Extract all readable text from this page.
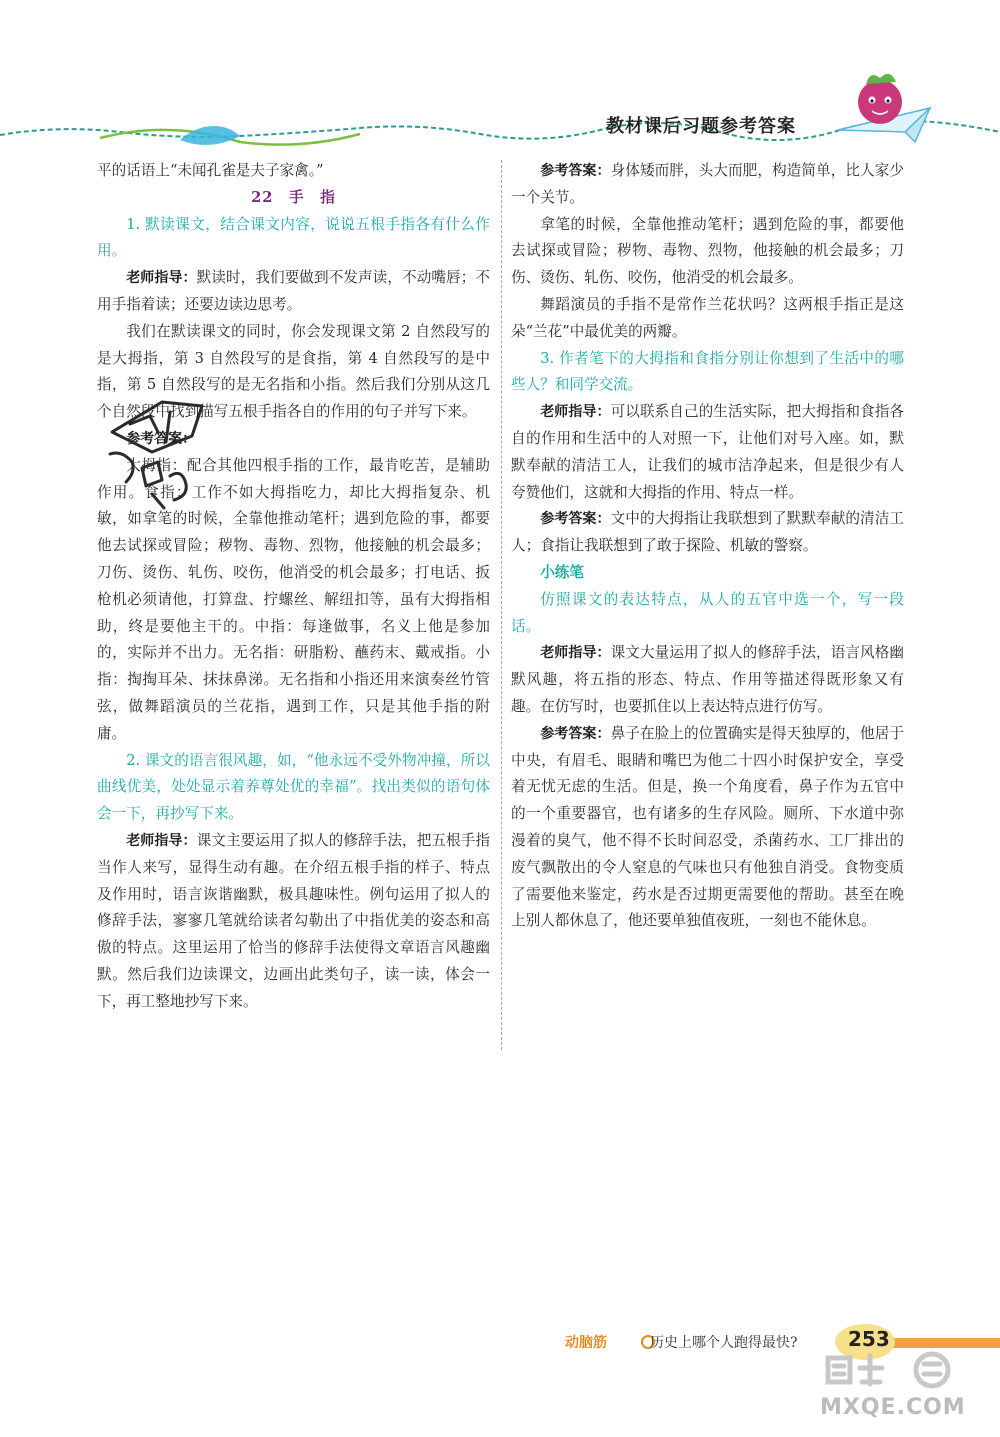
教材课后习题参考答案

平的话语上“未闻孔雀是夫子家禽。”

22　手　指

1. 默读课文，结合课文内容，说说五根手指各有什么作用。

老师指导：默读时，我们要做到不发声读，不动嘴唇；不用手指着读；还要边读边思考。

我们在默读课文的同时，你会发现课文第 2 自然段写的是大拇指，第 3 自然段写的是食指，第 4 自然段写的是中指，第 5 自然段写的是无名指和小指。然后我们分别从这几个自然段中找到描写五根手指各自的作用的句子并写下来。

参考答案：

大拇指：配合其他四根手指的工作，最肯吃苦，是辅助作用。食指：工作不如大拇指吃力，却比大拇指复杂、机敏，如拿笔的时候，全靠他推动笔杆；遇到危险的事，都要他去试探或冒险；秽物、毒物、烈物，他接触的机会最多；刀伤、烫伤、轧伤、咬伤，他消受的机会最多；打电话、扳枪机必须请他，打算盘、拧螺丝、解纽扣等，虽有大拇指相助，终是要他主干的。中指：每逢做事，名义上他是参加的，实际并不出力。无名指：研脂粉、蘸药末、戴戒指。小指：掏掏耳朵、抹抹鼻涕。无名指和小指还用来演奏丝竹管弦，做舞蹈演员的兰花指，遇到工作，只是其他手指的附庸。

2. 课文的语言很风趣，如，“他永远不受外物冲撞，所以曲线优美，处处显示着养尊处优的幸福”。找出类似的语句体会一下，再抄写下来。

老师指导：课文主要运用了拟人的修辞手法，把五根手指当作人来写，显得生动有趣。在介绍五根手指的样子、特点及作用时，语言诙谐幽默，极具趣味性。例句运用了拟人的修辞手法，寥寥几笔就给读者勾勒出了中指优美的姿态和高傲的特点。这里运用了恰当的修辞手法使得文章语言风趣幽默。然后我们边读课文，边画出此类句子，读一读，体会一下，再工整地抄写下来。

参考答案：身体矮而胖，头大而肥，构造简单，比人家少一个关节。

拿笔的时候，全靠他推动笔杆；遇到危险的事，都要他去试探或冒险；秽物、毒物、烈物，他接触的机会最多；刀伤、烫伤、轧伤、咬伤，他消受的机会最多。

舞蹈演员的手指不是常作兰花状吗？这两根手指正是这朵“兰花”中最优美的两瓣。

3. 作者笔下的大拇指和食指分别让你想到了生活中的哪些人？和同学交流。

老师指导：可以联系自己的生活实际，把大拇指和食指各自的作用和生活中的人对照一下，让他们对号入座。如，默默奉献的清洁工人，让我们的城市洁净起来，但是很少有人夸赞他们，这就和大拇指的作用、特点一样。

参考答案：文中的大拇指让我联想到了默默奉献的清洁工人；食指让我联想到了敢于探险、机敏的警察。

小练笔

仿照课文的表达特点，从人的五官中选一个，写一段话。

老师指导：课文大量运用了拟人的修辞手法，语言风格幽默风趣，将五指的形态、特点、作用等描述得既形象又有趣。在仿写时，也要抓住以上表达特点进行仿写。

参考答案：鼻子在脸上的位置确实是得天独厚的，他居于中央，有眉毛、眼睛和嘴巴为他二十四小时保护安全，享受着无忧无虑的生活。但是，换一个角度看，鼻子作为五官中的一个重要器官，也有诸多的生存风险。厕所、下水道中弥漫着的臭气，他不得不长时间忍受，杀菌药水、工厂排出的废气飘散出的令人窒息的气味也只有他独自消受。食物变质了需要他来鉴定，药水是否过期更需要他的帮助。甚至在晚上别人都休息了，他还要单独值夜班，一刻也不能休息。

动脑筋	历史上哪个人跑得最快?	253
MXQE.COM
